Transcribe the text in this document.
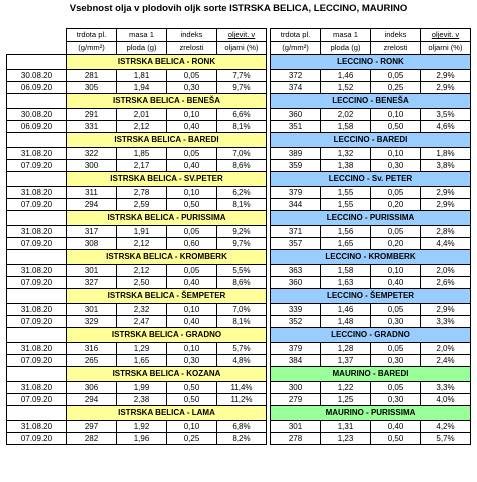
Vsebnost olja v plodovih oljk sorte ISTRSKA BELICA, LECCINO, MAURINO
	trdota pl.	masa 1	indeks	oljevit. v		trdota pl.	masa 1	indeks	oljevit. v
	(g/mm²)	ploda (g)	zrelosti	oljarni (%)		(g/mm²)	ploda (g)	zrelosti	oljarni (%)
	ISTRSKA BELICA - RONK					LECCINO - RONK			
30.08.20	281	1,81	0,05	7,7%		372	1,46	0,05	2,9%
06.09.20	305	1,94	0,30	9,7%		374	1,52	0,25	2,9%
	ISTRSKA BELICA - BENEŠA					LECCINO - BENEŠA			
30.08.20	291	2,01	0,10	6,6%		360	2,02	0,10	3,5%
06.09.20	331	2,12	0,40	8,1%		351	1,58	0,50	4,6%
	ISTRSKA BELICA - BAREDI					LECCINO - BAREDI			
31.08.20	322	1,85	0,05	7,0%		389	1,32	0,10	1,8%
07.09.20	300	2,17	0,40	8,6%		359	1,38	0,30	3,8%
	ISTRSKA BELICA - SV.PETER					LECCINO - Sv. PETER			
31.08.20	311	2,78	0,10	6,2%		379	1,55	0,05	2,9%
07.09.20	294	2,59	0,50	8,1%		344	1,55	0,20	2,9%
	ISTRSKA BELICA - PURISSIMA					LECCINO - PURISSIMA			
31.08.20	317	1,91	0,05	9,2%		371	1,56	0,05	2,8%
07.09.20	308	2,12	0,60	9,7%		357	1,65	0,20	4,4%
	ISTRSKA BELICA - KROMBERK					LECCINO - KROMBERK			
31.08.20	301	2,12	0,05	5,5%		363	1,58	0,10	2,0%
07.09.20	327	2,50	0,40	8,6%		360	1,63	0,40	2,6%
	ISTRSKA BELICA - ŠEMPETER					LECCINO - ŠEMPETER			
31.08.20	301	2,32	0,10	7,0%		339	1,46	0,05	2,9%
07.09.20	329	2,47	0,40	8,1%		352	1,48	0,30	3,3%
	ISTRSKA BELICA - GRADNO					LECCINO - GRADNO			
31.08.20	316	1,29	0,10	5,7%		379	1,28	0,05	2,0%
07.09.20	265	1,65	0,30	4,8%		384	1,37	0,30	2,4%
	ISTRSKA BELICA - KOZANA					MAURINO - BAREDI			
31.08.20	306	1,99	0,50	11,4%		300	1,22	0,05	3,3%
07.09.20	294	2,38	0,50	11,2%		279	1,25	0,30	4,0%
	ISTRSKA BELICA - LAMA					MAURINO - PURISSIMA			
31.08.20	297	1,92	0,10	6,8%		301	1,31	0,40	4,2%
07.09.20	282	1,96	0,25	8,2%		278	1,23	0,50	5,7%
